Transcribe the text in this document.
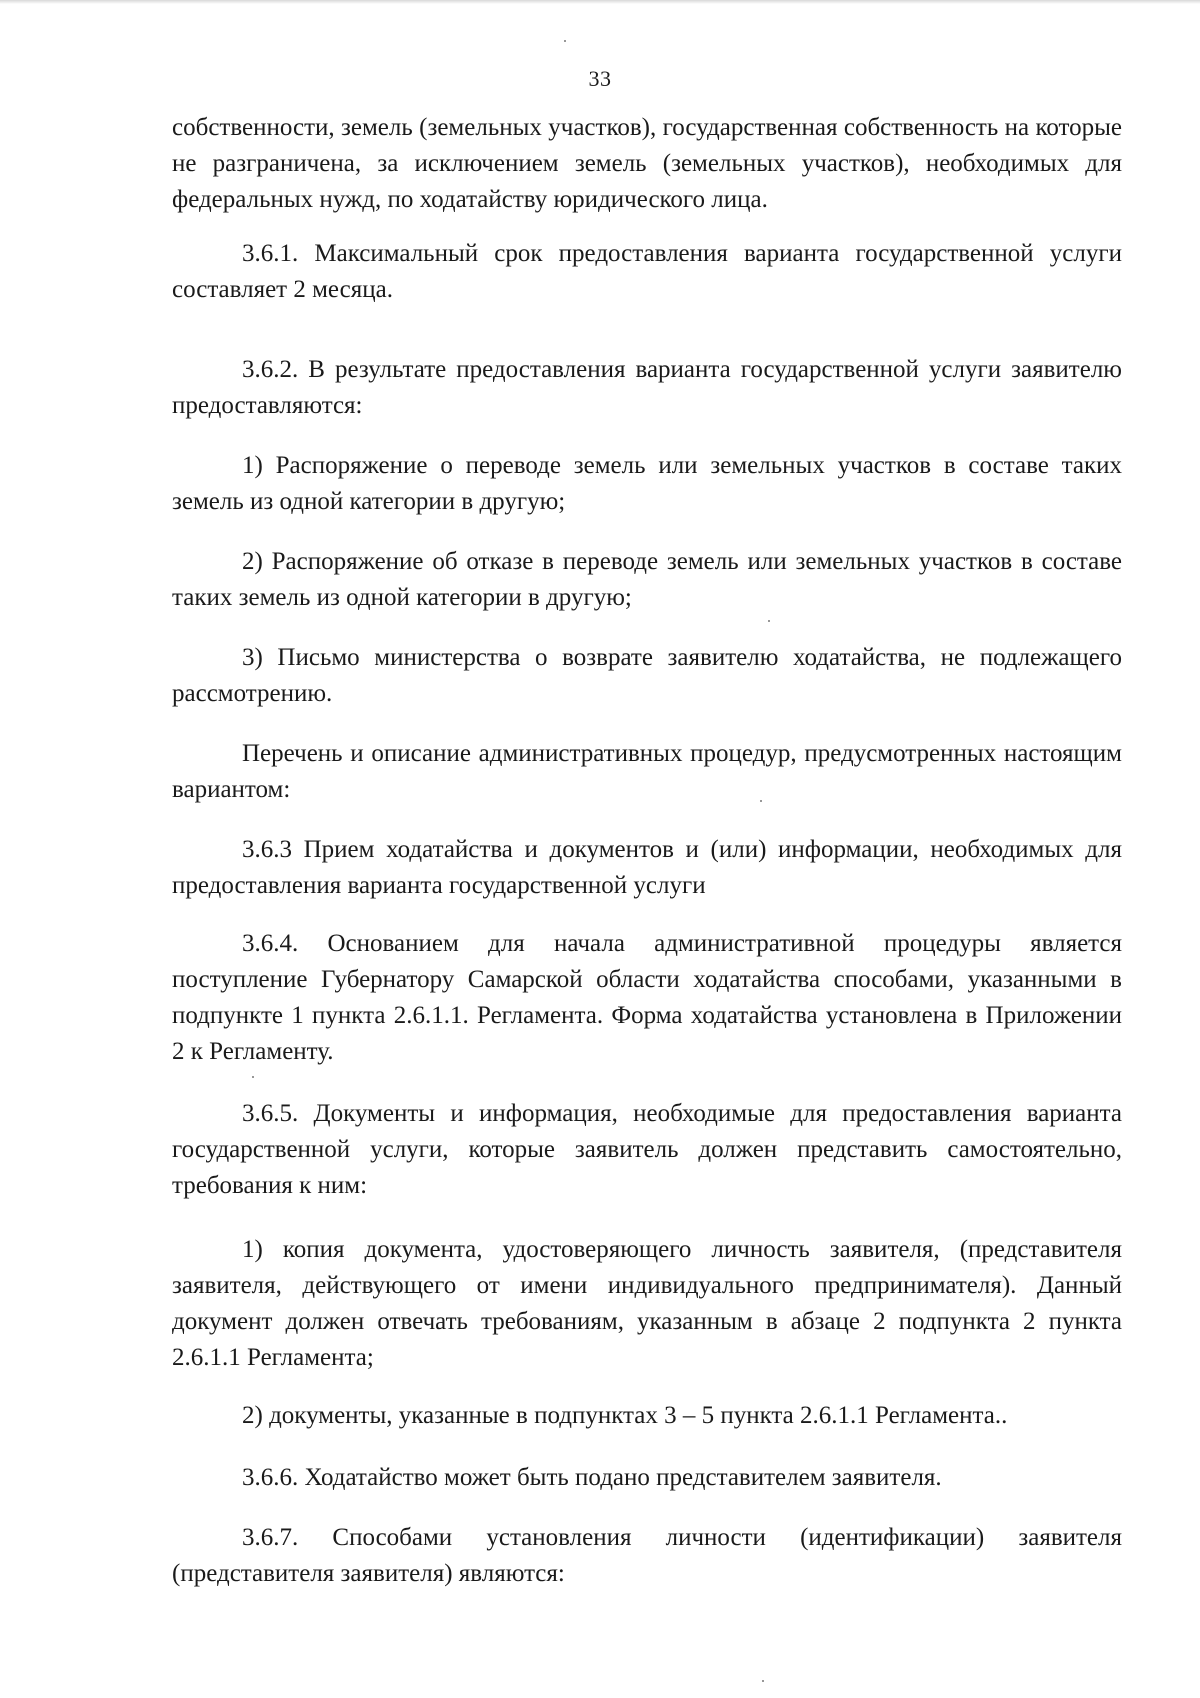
33

собственности, земель (земельных участков), государственная собственность на которые не разграничена, за исключением земель (земельных участков), необходимых для федеральных нужд, по ходатайству юридического лица.

3.6.1. Максимальный срок предоставления варианта государственной услуги составляет 2 месяца.

3.6.2. В результате предоставления варианта государственной услуги заявителю предоставляются:

1) Распоряжение о переводе земель или земельных участков в составе таких земель из одной категории в другую;

2) Распоряжение об отказе в переводе земель или земельных участков в составе таких земель из одной категории в другую;

3) Письмо министерства о возврате заявителю ходатайства, не подлежащего рассмотрению.

Перечень и описание административных процедур, предусмотренных настоящим вариантом:

3.6.3 Прием ходатайства и документов и (или) информации, необходимых для предоставления варианта государственной услуги

3.6.4. Основанием для начала административной процедуры является поступление Губернатору Самарской области ходатайства способами, указанными в подпункте 1 пункта 2.6.1.1. Регламента. Форма ходатайства установлена в Приложении 2 к Регламенту.

3.6.5. Документы и информация, необходимые для предоставления варианта государственной услуги, которые заявитель должен представить самостоятельно, требования к ним:

1) копия документа, удостоверяющего личность заявителя, (представителя заявителя, действующего от имени индивидуального предпринимателя). Данный документ должен отвечать требованиям, указанным в абзаце 2 подпункта 2 пункта 2.6.1.1 Регламента;

2) документы, указанные в подпунктах 3 – 5 пункта 2.6.1.1 Регламента..

3.6.6. Ходатайство может быть подано представителем заявителя.

3.6.7. Способами установления личности (идентификации) заявителя (представителя заявителя) являются:
